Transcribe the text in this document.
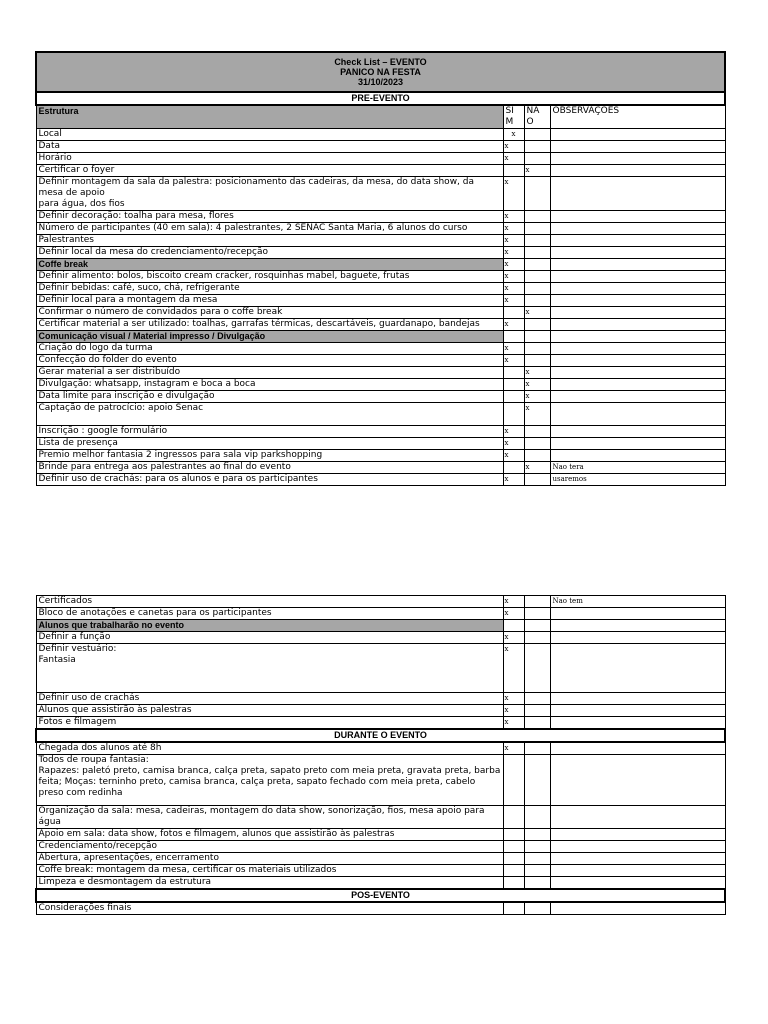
Check List – EVENTO
PANICO NA FESTA
31/10/2023			

PRE-EVENTO			
Estrutura	SI M	NA O	OBSERVAÇÕES
Local	x		
Data	x		
Horário	x		
Certificar o foyer		x	
Definir montagem da sala da palestra: posicionamento das cadeiras, da mesa, do data show, da mesa de apoio
para água, dos fios	x		
Definir decoração: toalha para mesa, flores	x		
Número de participantes (40 em sala): 4 palestrantes, 2 SENAC Santa Maria, 6 alunos do curso	x		
Palestrantes	x		
Definir local da mesa do credenciamento/recepção	x		
Coffe break	x		
Definir alimento: bolos, biscoito cream cracker, rosquinhas mabel, baguete, frutas	x		
Definir bebidas: café, suco, chá, refrigerante	x		
Definir local para a montagem da mesa	x		
Confirmar o número de convidados para o coffe break		x	
Certificar material a ser utilizado: toalhas, garrafas térmicas, descartáveis, guardanapo, bandejas	x		
Comunicação visual / Material impresso / Divulgação			
Criação do logo da turma	x		
Confecção do folder do evento	x		
Gerar material a ser distribuído		x	
Divulgação: whatsapp, instagram e boca a boca		x	
Data limite para inscrição e divulgação		x	
Captação de patrocício: apoio Senac		x	
Inscrição : google formulário	x		
Lista de presença	x		
Premio melhor fantasia 2 ingressos para sala vip parkshopping	x		
Brinde para entrega aos palestrantes ao final do evento		x	Nao tera
Definir uso de crachás: para os alunos e para os participantes	x		usaremos
Certificados	x		Nao tem
Bloco de anotações e canetas para os participantes	x		
Alunos que trabalharão no evento			
Definir a função	x		
Definir vestuário:
Fantasia	x		
Definir uso de crachás	x		
Alunos que assistirão às palestras	x		
Fotos e filmagem	x		
DURANTE O EVENTO			
Chegada dos alunos até 8h	x		
Todos de roupa fantasia:
Rapazes: paletó preto, camisa branca, calça preta, sapato preto com meia preta, gravata preta, barba feita; Moças: terninho preto, camisa branca, calça preta, sapato fechado com meia preta, cabelo preso com redinha			
Organização da sala: mesa, cadeiras, montagem do data show, sonorização, fios, mesa apoio para água			
Apoio em sala: data show, fotos e filmagem, alunos que assistirão às palestras			
Credenciamento/recepção			
Abertura, apresentações, encerramento			
Coffe break: montagem da mesa, certificar os materiais utilizados			
Limpeza e desmontagem da estrutura			
POS-EVENTO			
Considerações finais			
